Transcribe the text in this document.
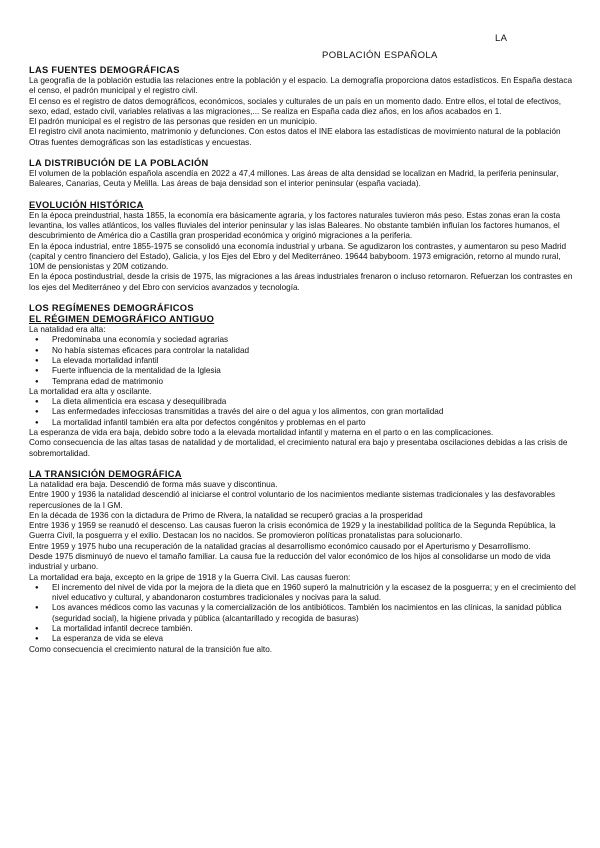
LA
POBLACIÓN ESPAÑOLA
LAS FUENTES DEMOGRÁFICAS

La geografía de la población estudia las relaciones entre la población y el espacio. La demografía proporciona datos estadísticos. En España destaca el censo, el padrón municipal y el registro civil.

El censo es el registro de datos demográficos, económicos, sociales y culturales de un país en un momento dado. Entre ellos, el total de efectivos, sexo, edad, estado civil, variables relativas a las migraciones,... Se realiza en España cada diez años, en los años acabados en 1.

El padrón municipal es el registro de las personas que residen en un municipio.

El registro civil anota nacimiento, matrimonio y defunciones. Con estos datos el INE elabora las estadísticas de movimiento natural de la población

Otras fuentes demográficas son las estadísticas y encuestas.

LA DISTRIBUCIÓN DE LA POBLACIÓN

El volumen de la población española ascendía en 2022 a 47,4 millones. Las áreas de alta densidad se localizan en Madrid, la periferia peninsular, Baleares, Canarias, Ceuta y Melilla. Las áreas de baja densidad son el interior peninsular (españa vaciada).

EVOLUCIÓN HISTÓRICA

En la época preindustrial, hasta 1855, la economía era básicamente agraria, y los factores naturales tuvieron más peso. Estas zonas eran la costa levantina, los valles atlánticos, los valles fluviales del interior peninsular y las islas Baleares. No obstante también influían los factores humanos, el descubrimiento de América dio a Castilla gran prosperidad económica y originó migraciones a la periferia.

En la época industrial, entre 1855-1975 se consolidó una economía industrial y urbana. Se agudizaron los contrastes, y aumentaron su peso Madrid (capital y centro financiero del Estado), Galicia, y los Ejes del Ebro y del Mediterráneo. 19644 babyboom. 1973 emigración, retorno al mundo rural, 10M de pensionistas y 20M cotizando.

En la época postindustrial, desde la crisis de 1975, las migraciones a las áreas industriales frenaron o incluso retornaron. Refuerzan los contrastes en los ejes del Mediterráneo y del Ebro con servicios avanzados y tecnología.

LOS REGÍMENES DEMOGRÁFICOS
EL RÉGIMEN DEMOGRÁFICO ANTIGUO

La natalidad era alta:

● Predominaba una economía y sociedad agrarias
● No había sistemas eficaces para controlar la natalidad
● La elevada mortalidad infantil
● Fuerte influencia de la mentalidad de la Iglesia
● Temprana edad de matrimonio

La mortalidad era alta y oscilante.

● La dieta alimenticia era escasa y desequilibrada
● Las enfermedades infecciosas transmitidas a través del aire o del agua y los alimentos, con gran mortalidad
● La mortalidad infantil también era alta por defectos congénitos y problemas en el parto

La esperanza de vida era baja, debido sobre todo a la elevada mortalidad infantil y materna en el parto o en las complicaciones.

Como consecuencia de las altas tasas de natalidad y de mortalidad, el crecimiento natural era bajo y presentaba oscilaciones debidas a las crisis de sobremortalidad.

LA TRANSICIÓN DEMOGRÁFICA

La natalidad era baja. Descendió de forma más suave y discontinua.

Entre 1900 y 1936 la natalidad descendió al iniciarse el control voluntario de los nacimientos mediante sistemas tradicionales y las desfavorables repercusiones de la I GM.

En la década de 1936 con la dictadura de Primo de Rivera, la natalidad se recuperó gracias a la prosperidad

Entre 1936 y 1959 se reanudó el descenso. Las causas fueron la crisis económica de 1929 y la inestabilidad política de la Segunda República, la Guerra Civil, la posguerra y el exilio. Destacan los no nacidos. Se promovieron políticas pronatalistas para solucionarlo.

Entre 1959 y 1975 hubo una recuperación de la natalidad gracias al desarrollismo económico causado por el Aperturismo y Desarrollismo.

Desde 1975 disminuyó de nuevo el tamaño familiar. La causa fue la reducción del valor económico de los hijos al consolidarse un modo de vida industrial y urbano.

La mortalidad era baja, excepto en la gripe de 1918 y la Guerra Civil. Las causas fueron:

● El incremento del nivel de vida por la mejora de la dieta que en 1960 superó la malnutrición y la escasez de la posguerra; y en el crecimiento del nivel educativo y cultural, y abandonaron costumbres tradicionales y nocivas para la salud.
● Los avances médicos como las vacunas y la comercialización de los antibióticos. También los nacimientos en las clínicas, la sanidad pública (seguridad social), la higiene privada y pública (alcantarillado y recogida de basuras)
● La mortalidad infantil decrece también.
● La esperanza de vida se eleva

Como consecuencia el crecimiento natural de la transición fue alto.
